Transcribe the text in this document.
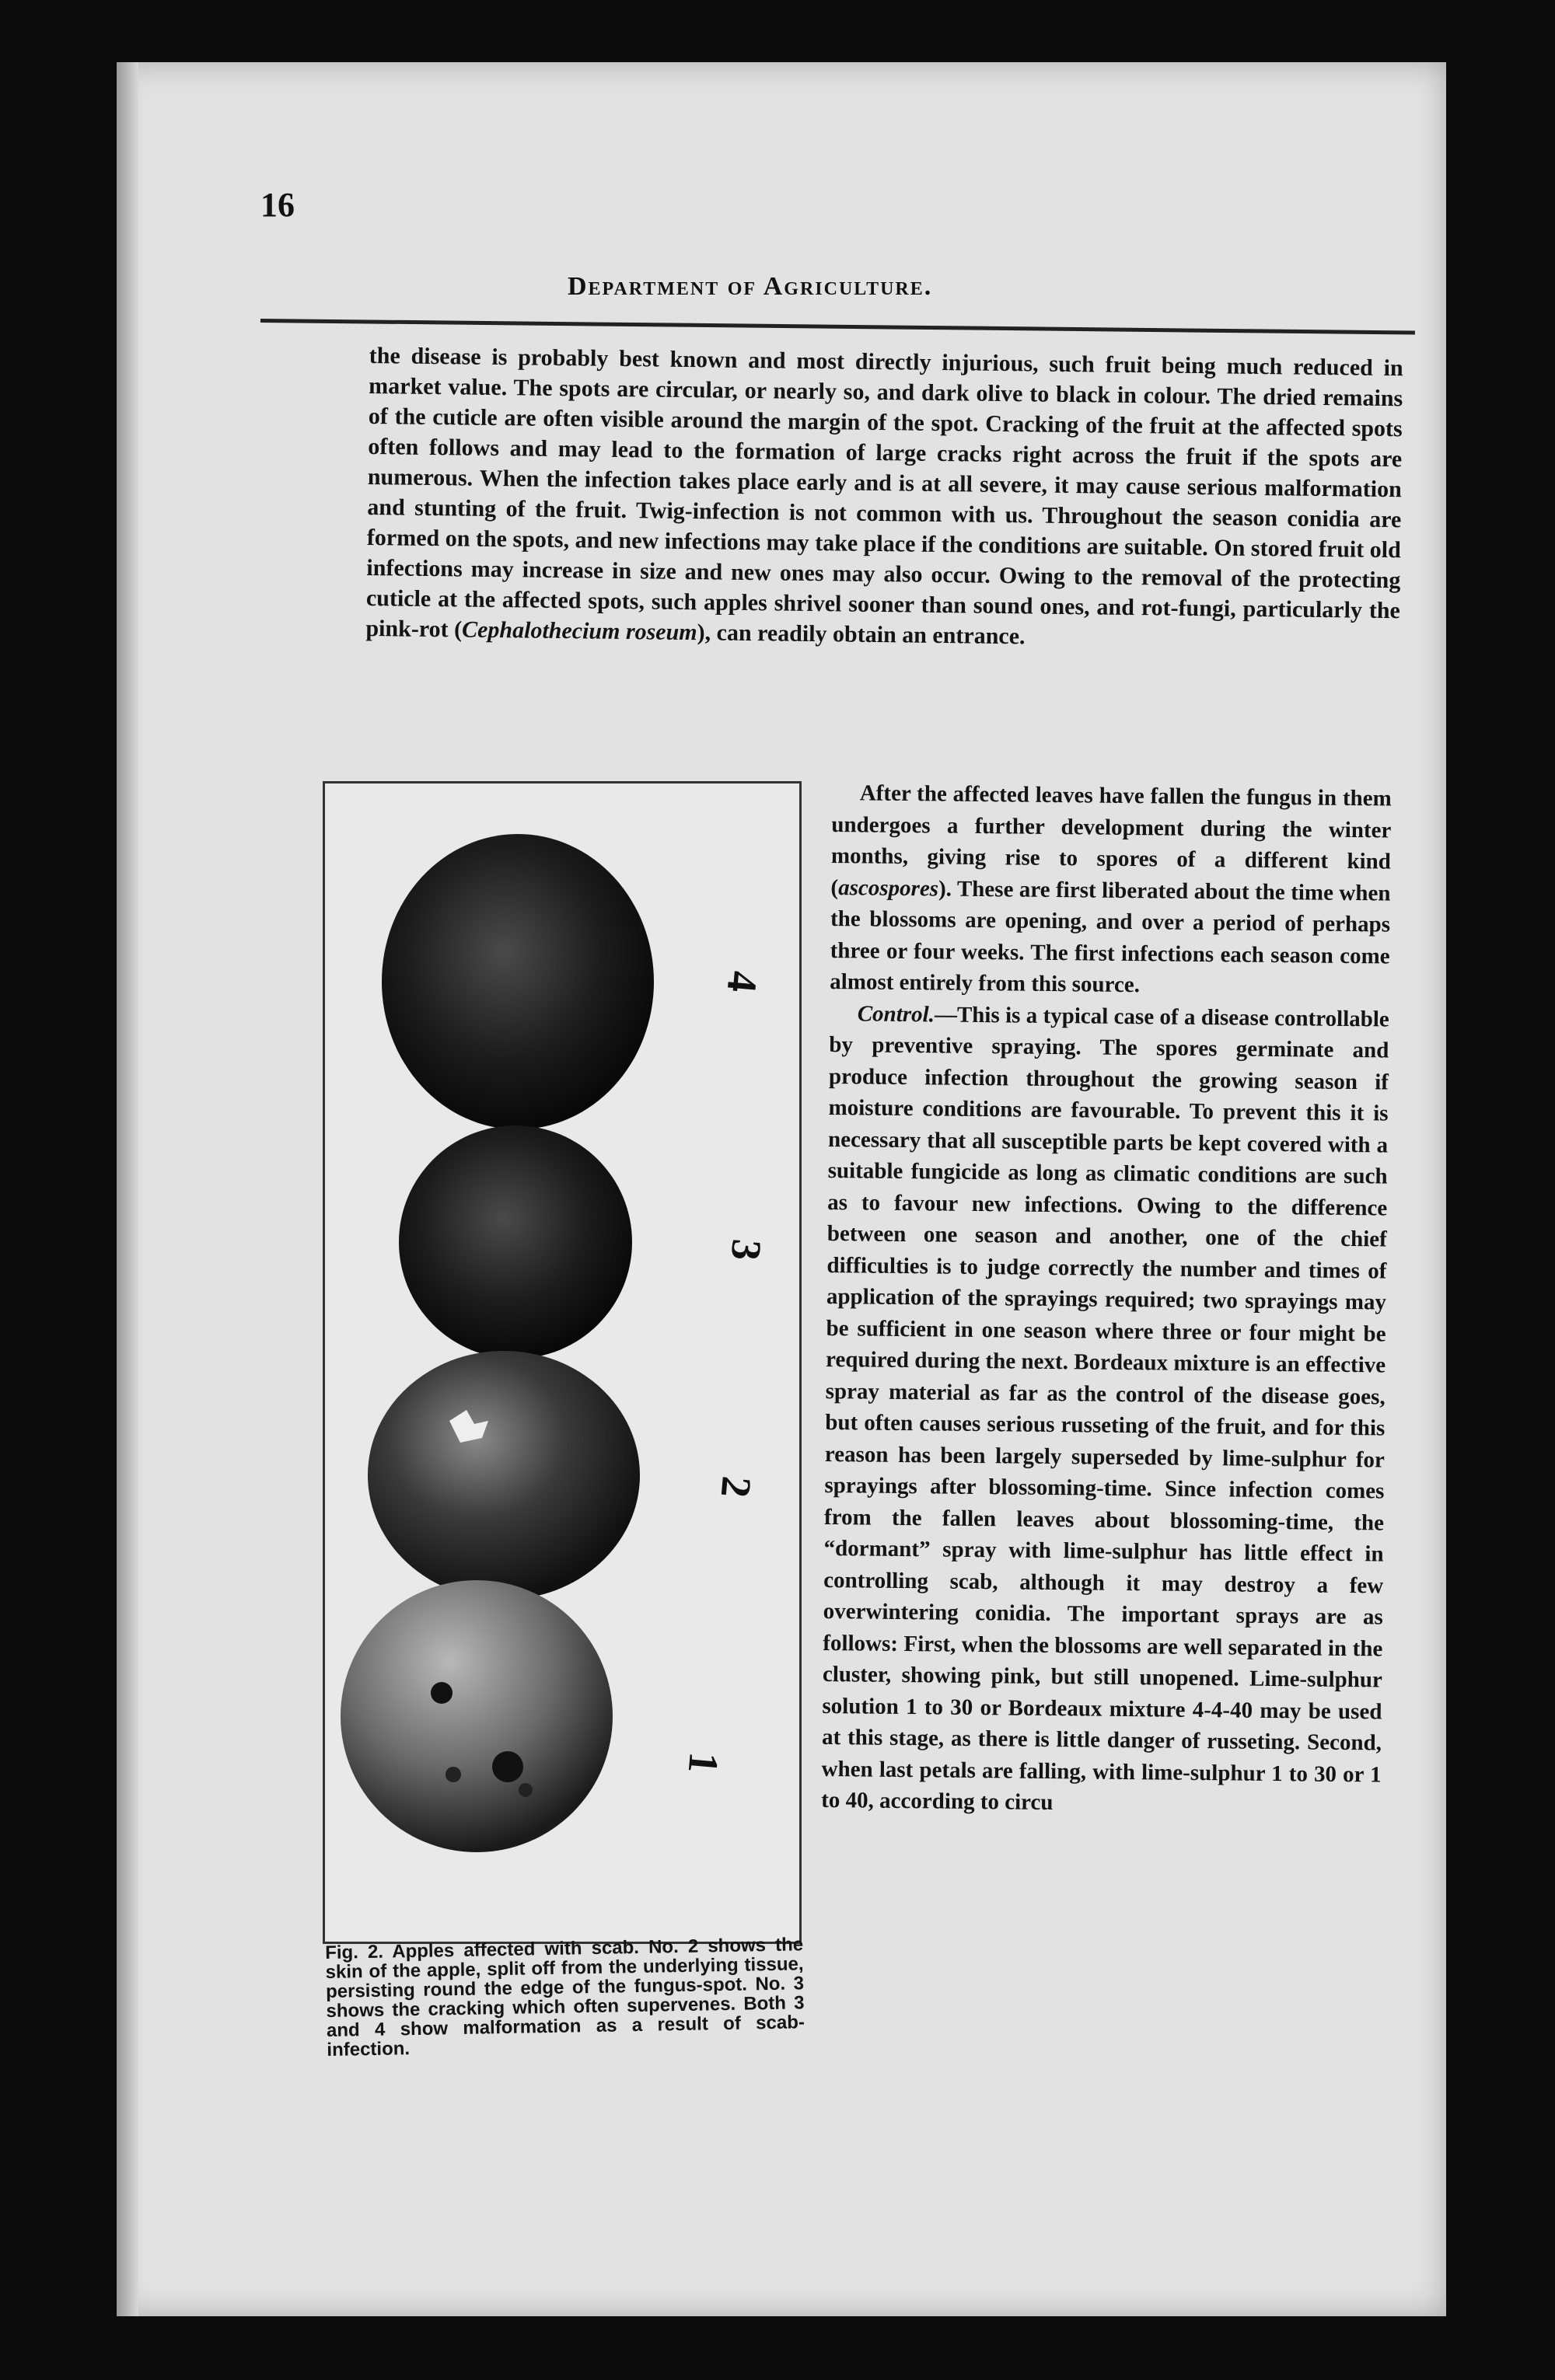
16
Department of Agriculture.

the disease is probably best known and most directly injurious, such fruit being much reduced in market value. The spots are circular, or nearly so, and dark olive to black in colour. The dried remains of the cuticle are often visible around the margin of the spot. Cracking of the fruit at the affected spots often follows and may lead to the formation of large cracks right across the fruit if the spots are numerous. When the infection takes place early and is at all severe, it may cause serious malformation and stunting of the fruit. Twig-infection is not common with us. Throughout the season conidia are formed on the spots, and new infections may take place if the conditions are suitable. On stored fruit old infections may increase in size and new ones may also occur. Owing to the removal of the protecting cuticle at the affected spots, such apples shrivel sooner than sound ones, and rot-fungi, particularly the pink-rot (Cephalothecium roseum), can readily obtain an entrance.

4
3
2
1
Fig. 2. Apples affected with scab. No. 2 shows the skin of the apple, split off from the underlying tissue, persisting round the edge of the fungus-spot. No. 3 shows the cracking which often supervenes. Both 3 and 4 show malformation as a result of scab-infection.

After the affected leaves have fallen the fungus in them undergoes a further development during the winter months, giving rise to spores of a different kind (ascospores). These are first liberated about the time when the blossoms are opening, and over a period of perhaps three or four weeks. The first infections each season come almost entirely from this source.

Control.—This is a typical case of a disease controllable by preventive spraying. The spores germinate and produce infection throughout the growing season if moisture conditions are favourable. To prevent this it is necessary that all susceptible parts be kept covered with a suitable fungicide as long as climatic conditions are such as to favour new infections. Owing to the difference between one season and another, one of the chief difficulties is to judge correctly the number and times of application of the sprayings required; two sprayings may be sufficient in one season where three or four might be required during the next. Bordeaux mixture is an effective spray material as far as the control of the disease goes, but often causes serious russeting of the fruit, and for this reason has been largely superseded by lime-sulphur for sprayings after blossoming-time. Since infection comes from the fallen leaves about blossoming-time, the “dormant” spray with lime-sulphur has little effect in controlling scab, although it may destroy a few overwintering conidia. The important sprays are as follows: First, when the blossoms are well separated in the cluster, showing pink, but still unopened. Lime-sulphur solution 1 to 30 or Bordeaux mixture 4-4-40 may be used at this stage, as there is little danger of russeting. Second, when last petals are falling, with lime-sulphur 1 to 30 or 1 to 40, according to circu
